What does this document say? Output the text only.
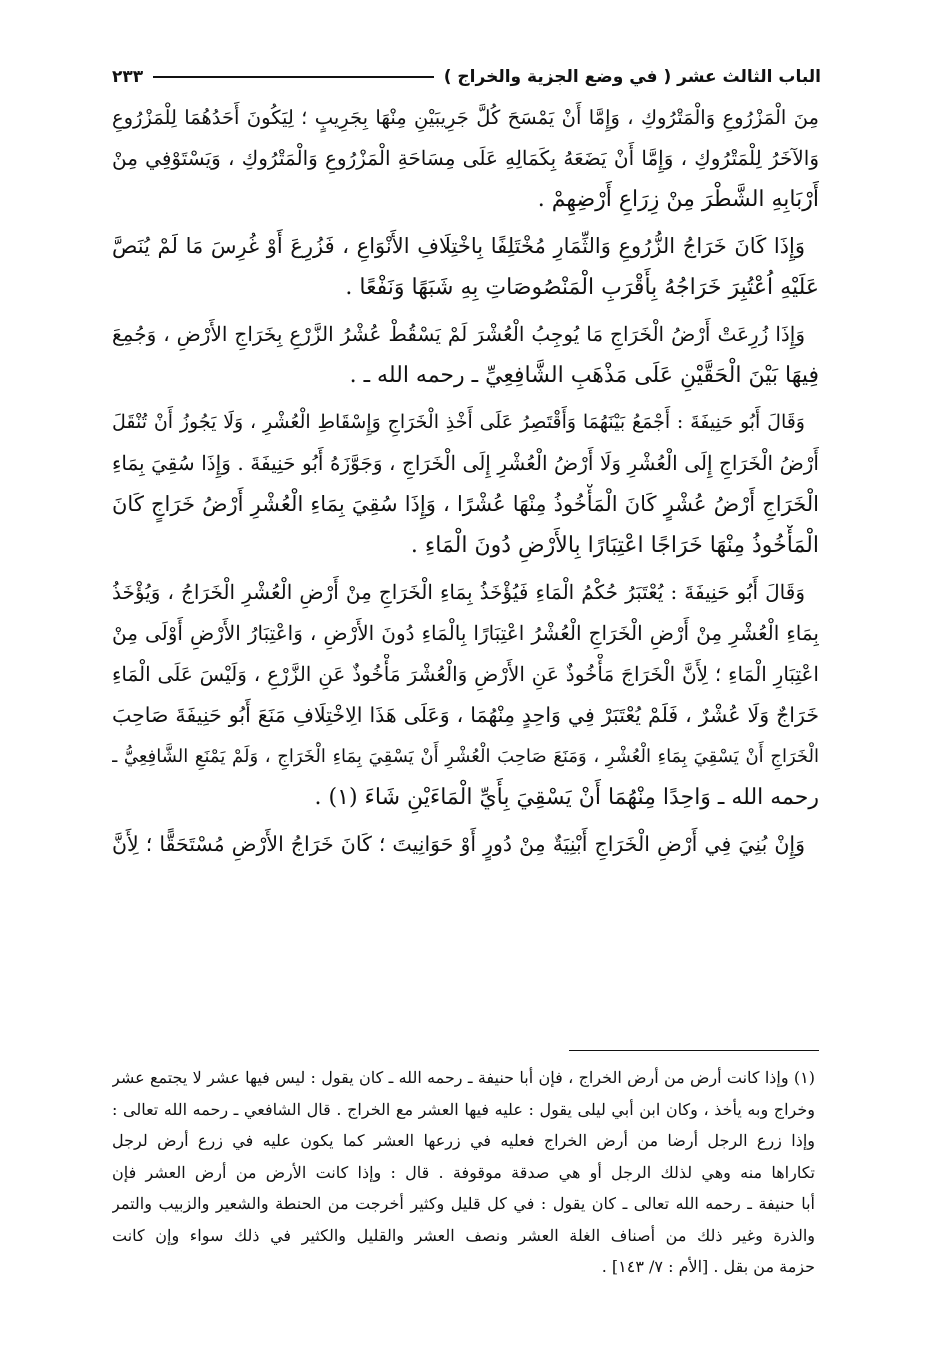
الباب الثالث عشر ( في وضع الجزية والخراج )
٢٣٣
مِنَ الْمَزْرُوعِ وَالْمَتْرُوكِ ، وَإِمَّا أَنْ يَمْسَحَ كُلَّ جَرِيبَيْنِ مِنْهَا بِجَرِيبٍ ؛ لِيَكُونَ أَحَدُهُمَا لِلْمَزْرُوعِ
وَالآخَرُ لِلْمَتْرُوكِ ، وَإِمَّا أَنْ يَضَعَهُ بِكَمَالِهِ عَلَى مِسَاحَةِ الْمَزْرُوعِ وَالْمَتْرُوكِ ، وَيَسْتَوْفِي مِنْ
أَرْبَابِهِ الشَّطْرَ مِنْ زِرَاعِ أَرْضِهِمْ .
وَإِذَا كَانَ خَرَاجُ الزُّرُوعِ وَالثِّمَارِ مُخْتَلِفًا بِاخْتِلَافِ الأَنْوَاعِ ، فَزُرِعَ أَوْ غُرِسَ مَا لَمْ يُنَصَّ
عَلَيْهِ اُعْتُبِرَ خَرَاجُهُ بِأَقْرَبِ الْمَنْصُوصَاتِ بِهِ شَبَهًا وَنَفْعًا .
وَإِذَا زُرِعَتْ أَرْضُ الْخَرَاجِ مَا يُوجِبُ الْعُشْرَ لَمْ يَسْقُطْ عُشْرُ الزَّرْعِ بِخَرَاجِ الأَرْضِ ، وَجُمِعَ
فِيهَا بَيْنَ الْحَقَّيْنِ عَلَى مَذْهَبِ الشَّافِعِيِّ ـ رحمه الله ـ .
وَقَالَ أَبُو حَنِيفَةَ : أَجْمَعُ بَيْنَهُمَا وَأَقْتَصِرُ عَلَى أَخْذِ الْخَرَاجِ وَإِسْقَاطِ الْعُشْرِ ، وَلَا يَجُوزُ أَنْ تُنْقَلَ
أَرْضُ الْخَرَاجِ إِلَى الْعُشْرِ وَلَا أَرْضُ الْعُشْرِ إِلَى الْخَرَاجِ ، وَجَوَّزَهُ أَبُو حَنِيفَةَ . وَإِذَا سُقِيَ بِمَاءِ
الْخَرَاجِ أَرْضُ عُشْرٍ كَانَ الْمَأْخُوذُ مِنْهَا عُشْرًا ، وَإِذَا سُقِيَ بِمَاءِ الْعُشْرِ أَرْضُ خَرَاجٍ كَانَ
الْمَأْخُوذُ مِنْهَا خَرَاجًا اعْتِبَارًا بِالأَرْضِ دُونَ الْمَاءِ .
وَقَالَ أَبُو حَنِيفَةَ : يُعْتَبَرُ حُكْمُ الْمَاءِ فَيُؤْخَذُ بِمَاءِ الْخَرَاجِ مِنْ أَرْضِ الْعُشْرِ الْخَرَاجُ ، وَيُؤْخَذُ
بِمَاءِ الْعُشْرِ مِنْ أَرْضِ الْخَرَاجِ الْعُشْرُ اعْتِبَارًا بِالْمَاءِ دُونَ الأَرْضِ ، وَاعْتِبَارُ الأَرْضِ أَوْلَى مِنْ
اعْتِبَارِ الْمَاءِ ؛ لِأَنَّ الْخَرَاجَ مَأْخُوذٌ عَنِ الأَرْضِ وَالْعُشْرَ مَأْخُوذٌ عَنِ الزَّرْعِ ، وَلَيْسَ عَلَى الْمَاءِ
خَرَاجٌ وَلَا عُشْرٌ ، فَلَمْ يُعْتَبَرْ فِي وَاحِدٍ مِنْهُمَا ، وَعَلَى هَذَا الِاخْتِلَافِ مَنَعَ أَبُو حَنِيفَةَ صَاحِبَ
الْخَرَاجِ أَنْ يَسْقِيَ بِمَاءِ الْعُشْرِ ، وَمَنَعَ صَاحِبَ الْعُشْرِ أَنْ يَسْقِيَ بِمَاءِ الْخَرَاجِ ، وَلَمْ يَمْنَعِ الشَّافِعِيُّ ـ
رحمه الله ـ وَاحِدًا مِنْهُمَا أَنْ يَسْقِيَ بِأَيِّ الْمَاءَيْنِ شَاءَ (١) .
وَإِنْ بُنِيَ فِي أَرْضِ الْخَرَاجِ أَبْنِيَةٌ مِنْ دُورٍ أَوْ حَوَانِيتَ ؛ كَانَ خَرَاجُ الأَرْضِ مُسْتَحَقًّا ؛ لِأَنَّ
(١) وإذا كانت أرض من أرض الخراج ، فإن أبا حنيفة ـ رحمه الله ـ كان يقول : ليس فيها عشر لا يجتمع عشر
وخراج وبه يأخذ ، وكان ابن أبي ليلى يقول : عليه فيها العشر مع الخراج . قال الشافعي ـ رحمه الله تعالى :
وإذا زرع الرجل أرضا من أرض الخراج فعليه في زرعها العشر كما يكون عليه في زرع أرض لرجل
تكاراها منه وهي لذلك الرجل أو هي صدقة موقوفة . قال : وإذا كانت الأرض من أرض العشر فإن
أبا حنيفة ـ رحمه الله تعالى ـ كان يقول : في كل قليل وكثير أخرجت من الحنطة والشعير والزبيب والتمر
والذرة وغير ذلك من أصناف الغلة العشر ونصف العشر والقليل والكثير في ذلك سواء وإن كانت
حزمة من بقل . [الأم : ٧/ ١٤٣] .
